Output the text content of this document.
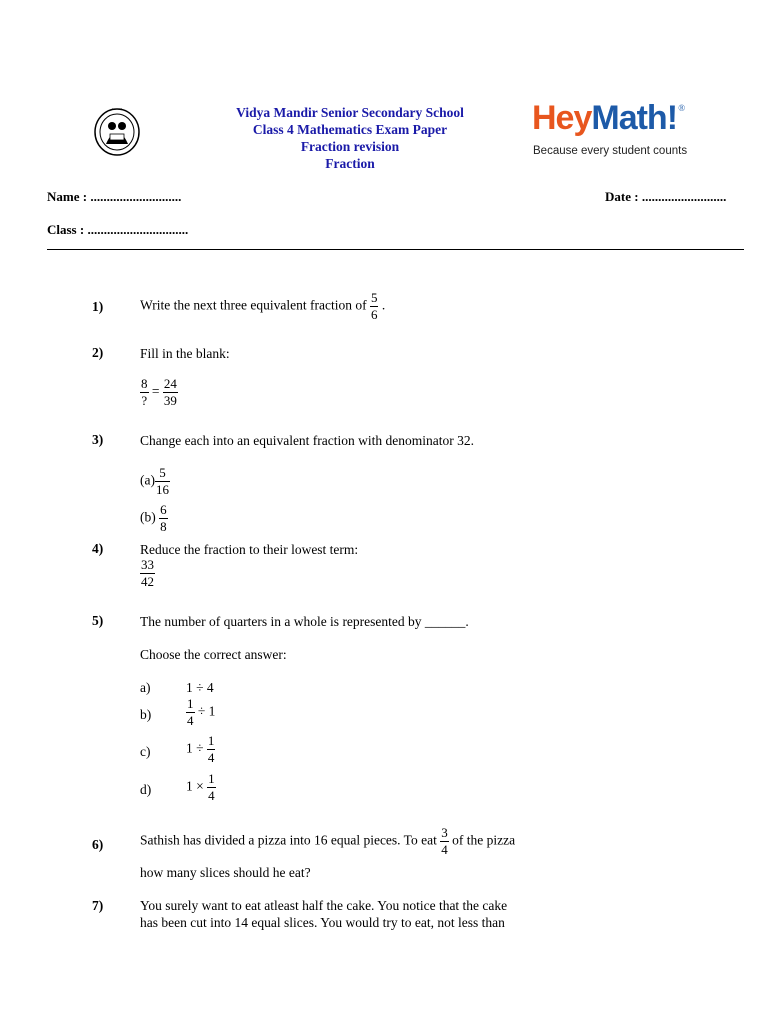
Vidya Mandir Senior Secondary School
Class 4 Mathematics Exam Paper
Fraction revision
Fraction
HeyMath! ®
Because every student counts
Name : ............................	Date : ..........................
Class : ...............................
1)	Write the next three equivalent fraction of $\frac{5}{6}$ .
2)	Fill in the blank:
$\frac{8}{?} = \frac{24}{39}$
3)	Change each into an equivalent fraction with denominator 32.
$(a) \frac{5}{16}$
$(b) \frac{6}{8}$
4)	Reduce the fraction to their lowest term:
$\frac{33}{42}$
5)	The number of quarters in a whole is represented by ______.
Choose the correct answer:
a)	1 ÷ 4
b)	$\frac{1}{4} \div 1$
c)	$1 \div \frac{1}{4}$
d)	$1 \times \frac{1}{4}$
6)	Sathish has divided a pizza into 16 equal pieces. To eat $\frac{3}{4}$ of the pizza
how many slices should he eat?
7)	You surely want to eat atleast half the cake. You notice that the cake
has been cut into 14 equal slices. You would try to eat, not less than
